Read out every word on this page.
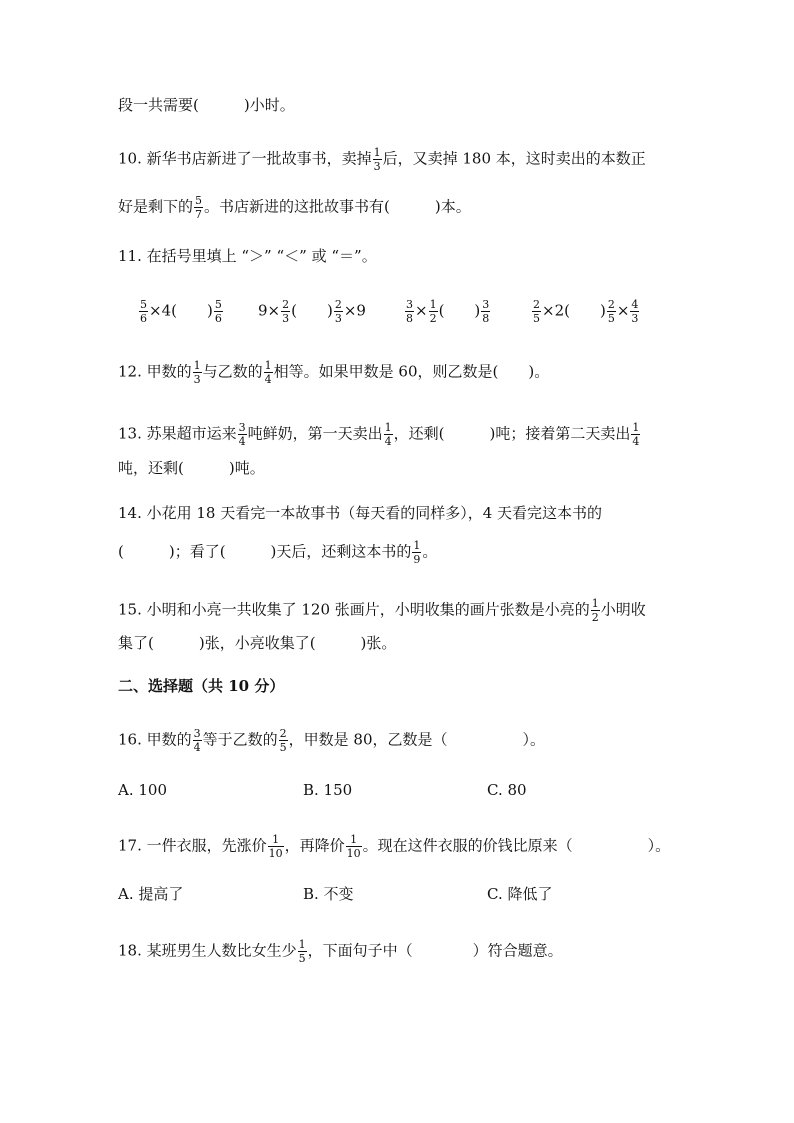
段一共需要(　　　)小时。
10. 新华书店新进了一批故事书，卖掉 $\frac{1}{3}$ 后，又卖掉 180 本，这时卖出的本数正
好是剩下的 $\frac{5}{7}$ 。书店新进的这批故事书有(　　　)本。
11. 在括号里填上 “＞” “＜” 或 “＝”。
$\frac{5}{6} \times 4$(　　) $\frac{5}{6} 9\times \frac{2}{3}$ (　　) $\frac{2}{3} \times 9$	$\frac{3}{8} \times \frac{1}{2}$ (　　) $\frac{3}{8}$	$\frac{2}{5} \times 2$(　　) $\frac{2}{5} \times \frac{4}{3}$
12. 甲数的 $\frac{1}{3}$ 与乙数的 $\frac{1}{4}$ 相等。如果甲数是 60，则乙数是(　　)。
13. 苏果超市运来 $\frac{3}{4}$ 吨鲜奶，第一天卖出 $\frac{1}{4}$ ，还剩(　　　)吨；接着第二天卖出 $\frac{1}{4}$
吨，还剩(　　　)吨。
14. 小花用 18 天看完一本故事书（每天看的同样多），4 天看完这本书的
(　　　)；看了(　　　)天后，还剩这本书的 $\frac{1}{9}$ 。
15. 小明和小亮一共收集了 120 张画片，小明收集的画片张数是小亮的 $\frac{1}{2}$ 小明收
集了(　　　)张，小亮收集了(　　　)张。
二、选择题（共 10 分）
16. 甲数的 $\frac{3}{4}$ 等于乙数的 $\frac{2}{5}$ ，甲数是 80，乙数是（　　　　　）。
A. 100	B. 150	C. 80
17. 一件衣服，先涨价 $\frac{1}{10}$ ，再降价 $\frac{1}{10}$ 。现在这件衣服的价钱比原来（　　　　　）。
A. 提高了	B. 不变	C. 降低了
18. 某班男生人数比女生少 $\frac{1}{5}$ ，下面句子中（　　　　）符合题意。
